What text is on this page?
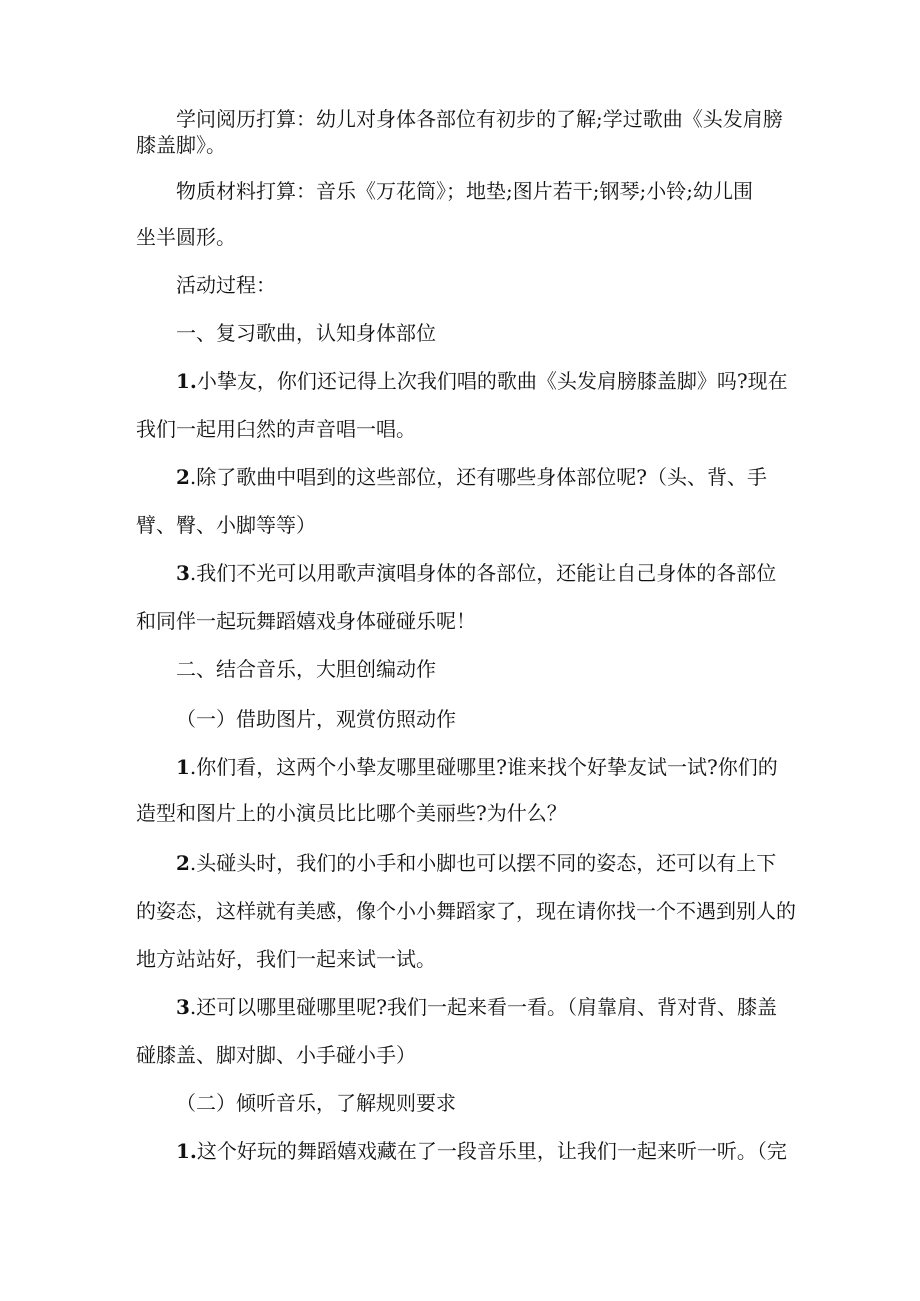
学问阅历打算：幼儿对身体各部位有初步的了解;学过歌曲《头发肩膀
膝盖脚》。
物质材料打算：音乐《万花筒》；地垫;图片若干;钢琴;小铃;幼儿围
坐半圆形。
活动过程：
一、复习歌曲，认知身体部位
1.小挚友，你们还记得上次我们唱的歌曲《头发肩膀膝盖脚》吗?现在
我们一起用臼然的声音唱一唱。
2.除了歌曲中唱到的这些部位，还有哪些身体部位呢?（头、背、手
臂、臀、小脚等等）
3.我们不光可以用歌声演唱身体的各部位，还能让自己身体的各部位
和同伴一起玩舞蹈嬉戏身体碰碰乐呢！
二、结合音乐，大胆创编动作
（一）借助图片，观赏仿照动作
1.你们看，这两个小挚友哪里碰哪里?谁来找个好挚友试一试?你们的
造型和图片上的小演员比比哪个美丽些?为什么？
2.头碰头时，我们的小手和小脚也可以摆不同的姿态，还可以有上下
的姿态，这样就有美感，像个小小舞蹈家了，现在请你找一个不遇到别人的
地方站站好，我们一起来试一试。
3.还可以哪里碰哪里呢?我们一起来看一看。（肩靠肩、背对背、膝盖
碰膝盖、脚对脚、小手碰小手）
（二）倾听音乐，了解规则要求
1.这个好玩的舞蹈嬉戏藏在了一段音乐里，让我们一起来听一听。（完
